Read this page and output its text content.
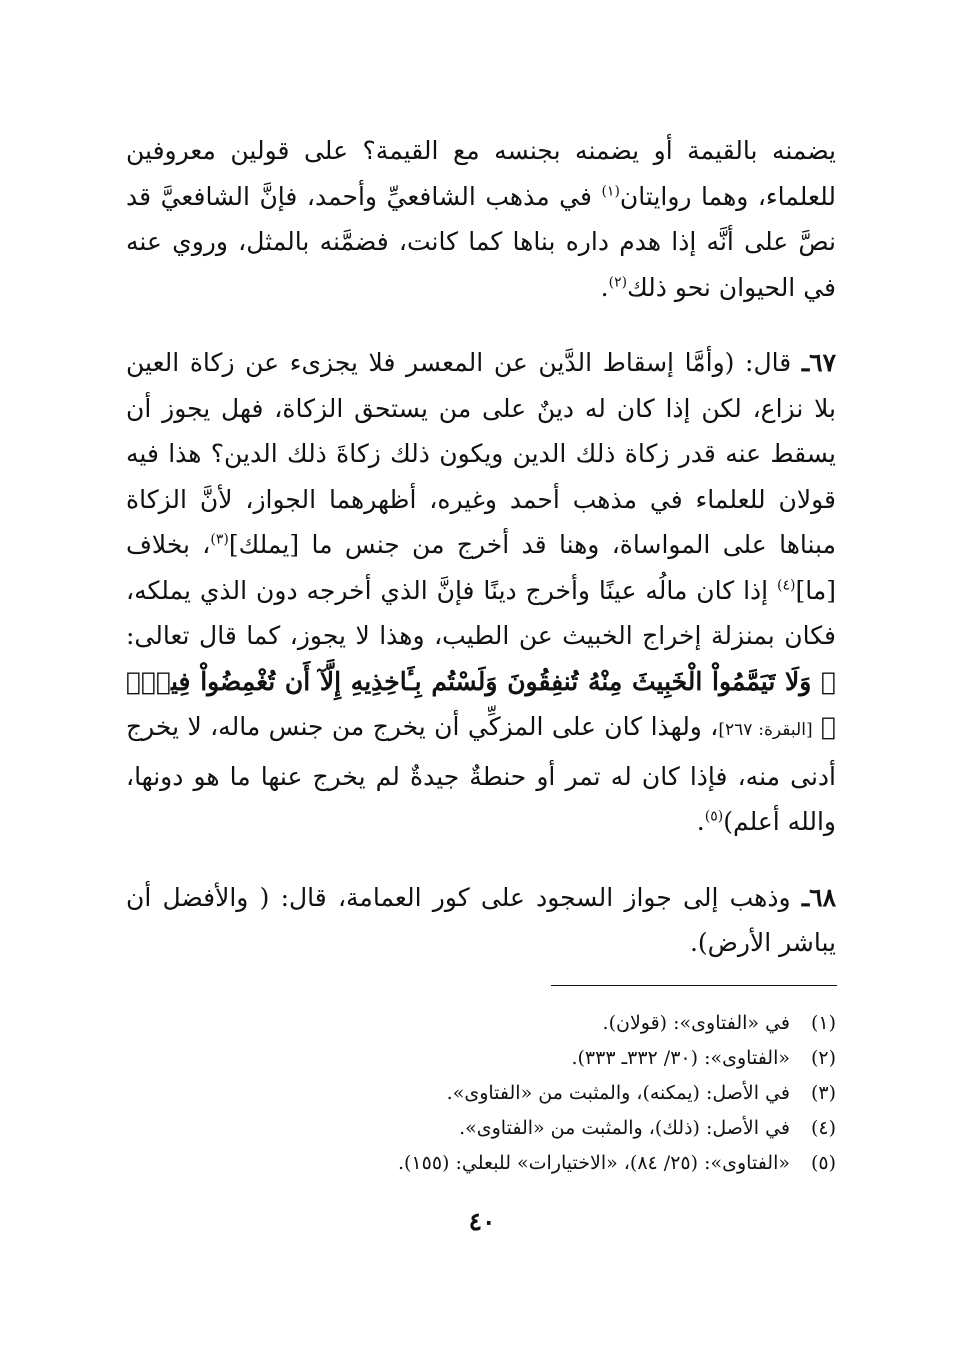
يضمنه بالقيمة أو يضمنه بجنسه مع القيمة؟ على قولين معروفين للعلماء، وهما روايتان$^{(١)}$ في مذهب الشافعيِّ وأحمد، فإنَّ الشافعيَّ قد نصَّ على أنَّه إذا هدم داره بناها كما كانت، فضمَّنه بالمثل، وروي عنه في الحيوان نحو ذلك$^{(٢)}$.

٦٧ـ قال: (وأمَّا إسقاط الدَّين عن المعسر فلا يجزىء عن زكاة العين بلا نزاع، لكن إذا كان له دينٌ على من يستحق الزكاة، فهل يجوز أن يسقط عنه قدر زكاة ذلك الدين ويكون ذلك زكاةَ ذلك الدين؟ هذا فيه قولان للعلماء في مذهب أحمد وغيره، أظهرهما الجواز، لأنَّ الزكاة مبناها على المواساة، وهنا قد أخرج من جنس ما [يملك]$^{(٣)}$، بخلاف [ما]$^{(٤)}$ إذا كان مالُه عينًا وأخرج دينًا فإنَّ الذي أخرجه دون الذي يملكه، فكان بمنزلة إخراج الخبيث عن الطيب، وهذا لا يجوز، كما قال تعالى: ﴿ وَلَا تَيَمَّمُواْ الْخَبِيثَ مِنْهُ تُنفِقُونَ وَلَسْتُم بِـَٔاخِذِيهِ إِلَّآ أَن تُغْمِضُواْ فِيهِۚ ﴾ [البقرة: ٢٦٧]، ولهذا كان على المزكِّي أن يخرج من جنس ماله، لا يخرج أدنى منه، فإذا كان له تمر أو حنطةٌ جيدةٌ لم يخرج عنها ما هو دونها، والله أعلم)$^{(٥)}$.

٦٨ـ وذهب إلى جواز السجود على كور العمامة، قال: ( والأفضل أن يباشر الأرض).

(١)في «الفتاوى»: (قولان).
(٢)«الفتاوى»: (٣٠/ ٣٣٢ـ ٣٣٣).
(٣)في الأصل: (يمكنه)، والمثبت من «الفتاوى».
(٤)في الأصل: (ذلك)، والمثبت من «الفتاوى».
(٥)«الفتاوى»: (٢٥/ ٨٤)، «الاختيارات» للبعلي: (١٥٥).
٤٠
